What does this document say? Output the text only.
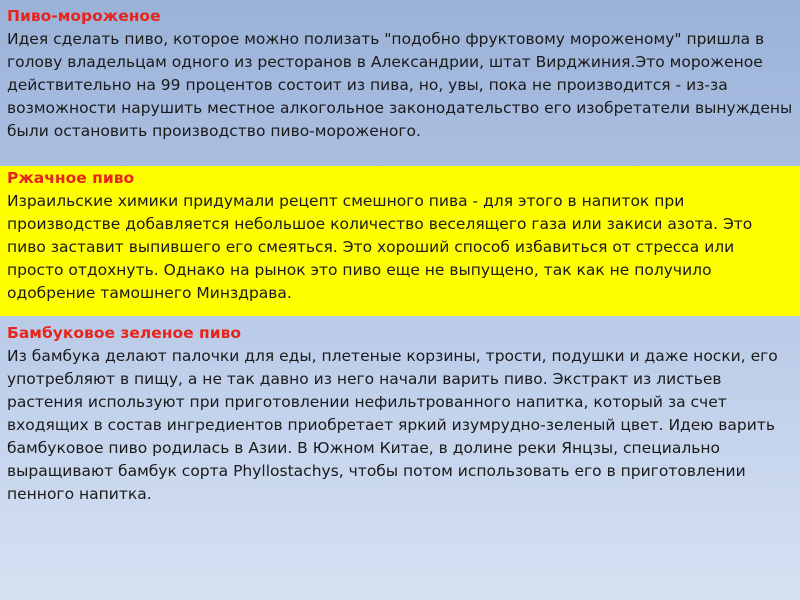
Пиво-мороженое
Идея сделать пиво, которое можно полизать "подобно фруктовому мороженому" пришла в голову владельцам одного из ресторанов в Александрии, штат Вирджиния.Это мороженое действительно на 99 процентов состоит из пива, но, увы, пока не производится - из-за возможности нарушить местное алкогольное законодательство его изобретатели вынуждены были остановить производство пиво-мороженого.
Ржачное пиво
Израильские химики придумали рецепт смешного пива - для этого в напиток при производстве добавляется небольшое количество веселящего газа или закиси азота. Это пиво заставит выпившего его смеяться. Это хороший способ избавиться от стресса или просто отдохнуть. Однако на рынок это пиво еще не выпущено, так как не получило одобрение тамошнего Минздрава.
Бамбуковое зеленое пиво
Из бамбука делают палочки для еды, плетеные корзины, трости, подушки и даже носки, его употребляют в пищу, а не так давно из него начали варить пиво. Экстракт из листьев растения используют при приготовлении нефильтрованного напитка, который за счет входящих в состав ингредиентов приобретает яркий изумрудно-зеленый цвет. Идею варить бамбуковое пиво родилась в Азии. В Южном Китае, в долине реки Янцзы, специально выращивают бамбук сорта Phyllostachys, чтобы потом использовать его в приготовлении пенного напитка.
